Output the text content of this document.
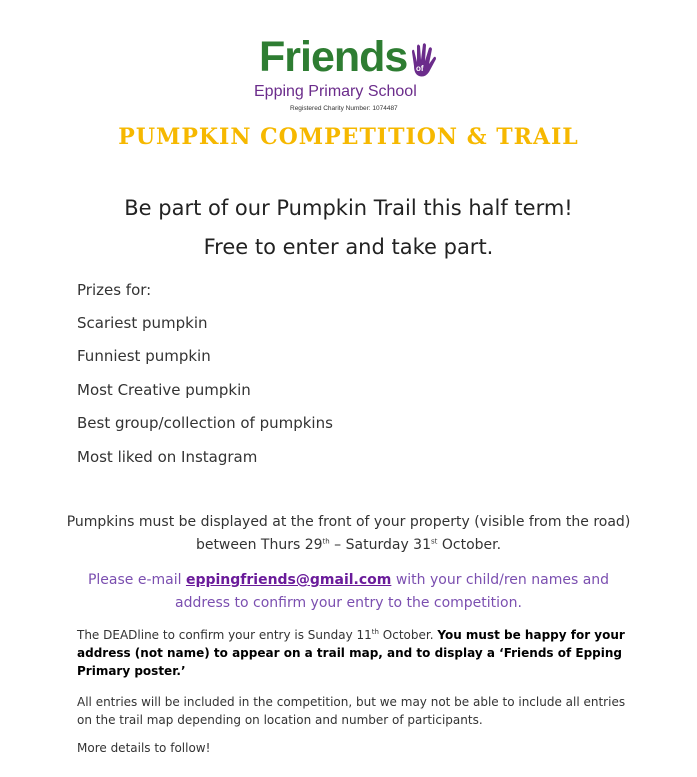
Friends of
Epping Primary School
Registered Charity Number: 1074487
PUMPKIN COMPETITION & TRAIL
Be part of our Pumpkin Trail this half term!
Free to enter and take part.
Prizes for:
Scariest pumpkin
Funniest pumpkin
Most Creative pumpkin
Best group/collection of pumpkins
Most liked on Instagram
Pumpkins must be displayed at the front of your property (visible from the road) between Thurs 29th – Saturday 31st October.
Please e-mail eppingfriends@gmail.com with your child/ren names and address to confirm your entry to the competition.
The DEADline to confirm your entry is Sunday 11th October. You must be happy for your address (not name) to appear on a trail map, and to display a ‘Friends of Epping Primary poster.’
All entries will be included in the competition, but we may not be able to include all entries on the trail map depending on location and number of participants.
More details to follow!
